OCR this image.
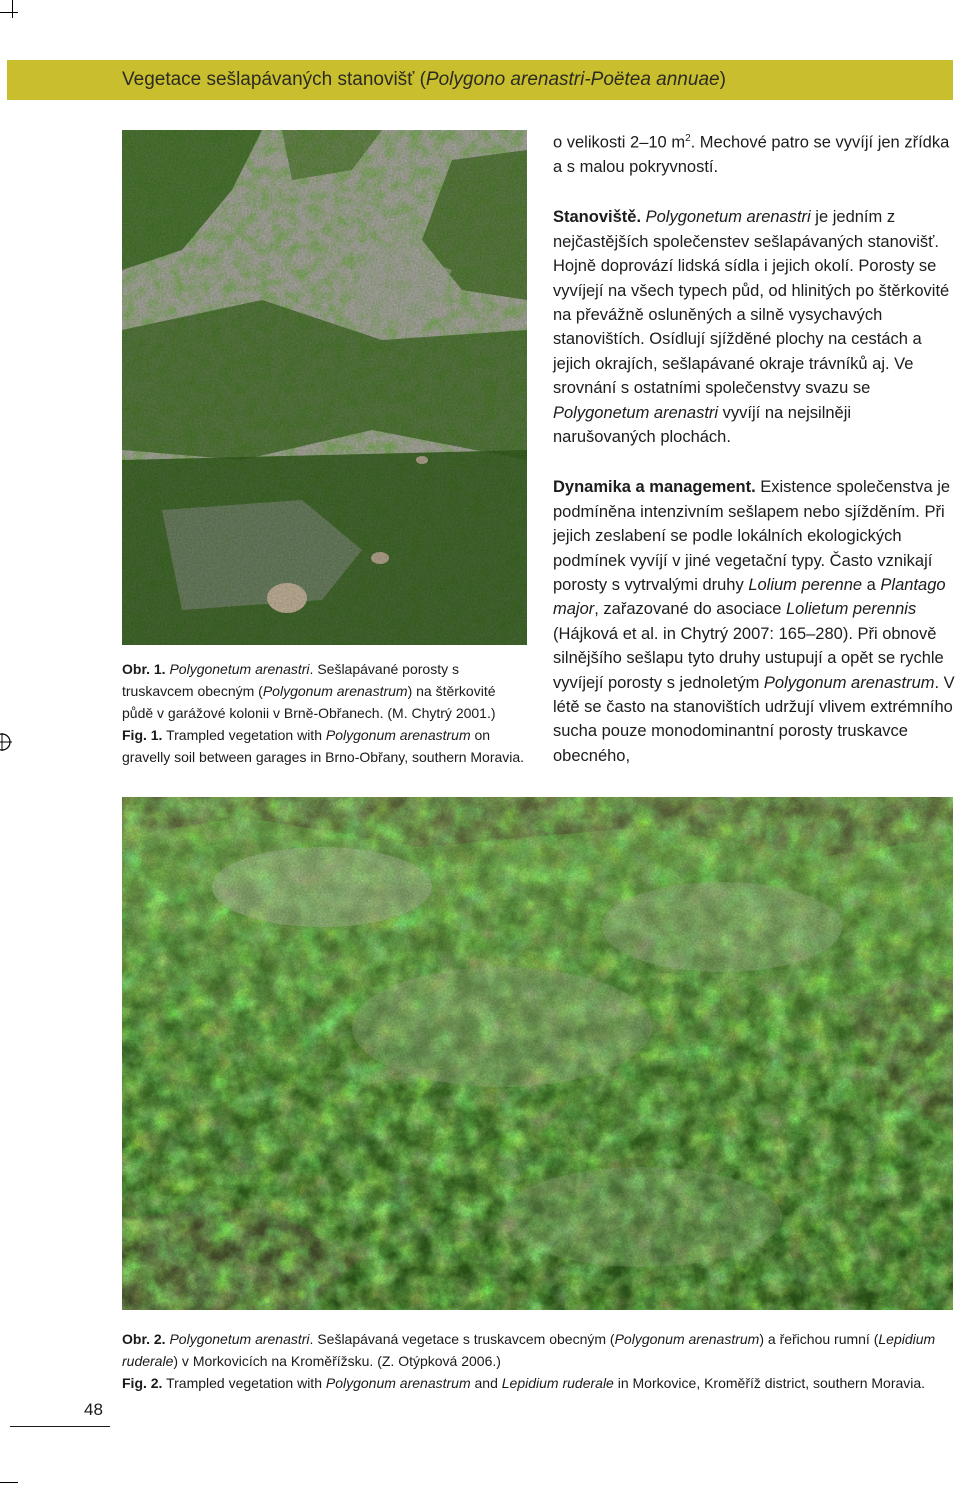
Vegetace sešlapávaných stanovišť (Polygono arenastri-Poëtea annuae)
Obr. 1. Polygonetum arenastri. Sešlapávané porosty s truskavcem obecným (Polygonum arenastrum) na štěrkovité půdě v garážové kolonii v Brně-Obřanech. (M. Chytrý 2001.)
Fig. 1. Trampled vegetation with Polygonum arenastrum on gravelly soil between garages in Brno-Obřany, southern Moravia.

o velikosti 2–10 $m^2$. Mechové patro se vyvíjí jen zřídka a s malou pokryvností.

Stanoviště. Polygonetum arenastri je jedním z nejčastějších společenstev sešlapávaných stanovišť. Hojně doprovází lidská sídla i jejich okolí. Porosty se vyvíjejí na všech typech půd, od hlinitých po štěrkovité na převážně osluněných a silně vysychavých stanovištích. Osídlují sjížděné plochy na cestách a jejich okrajích, sešlapávané okraje trávníků aj. Ve srovnání s ostatními společenstvy svazu se Polygonetum arenastri vyvíjí na nejsilněji narušovaných plochách.

Dynamika a management. Existence společenstva je podmíněna intenzivním sešlapem nebo sjížděním. Při jejich zeslabení se podle lokálních ekologických podmínek vyvíjí v jiné vegetační typy. Často vznikají porosty s vytrvalými druhy Lolium perenne a Plantago major, zařazované do asociace Lolietum perennis (Hájková et al. in Chytrý 2007: 165–280). Při obnově silnějšího sešlapu tyto druhy ustupují a opět se rychle vyvíjejí porosty s jednoletým Polygonum arenastrum. V létě se často na stanovištích udržují vlivem extrémního sucha pouze monodominantní porosty truskavce obecného,

Obr. 2. Polygonetum arenastri. Sešlapávaná vegetace s truskavcem obecným (Polygonum arenastrum) a řeřichou rumní (Lepidium ruderale) v Morkovicích na Kroměřížsku. (Z. Otýpková 2006.)
Fig. 2. Trampled vegetation with Polygonum arenastrum and Lepidium ruderale in Morkovice, Kroměříž district, southern Moravia.
48
